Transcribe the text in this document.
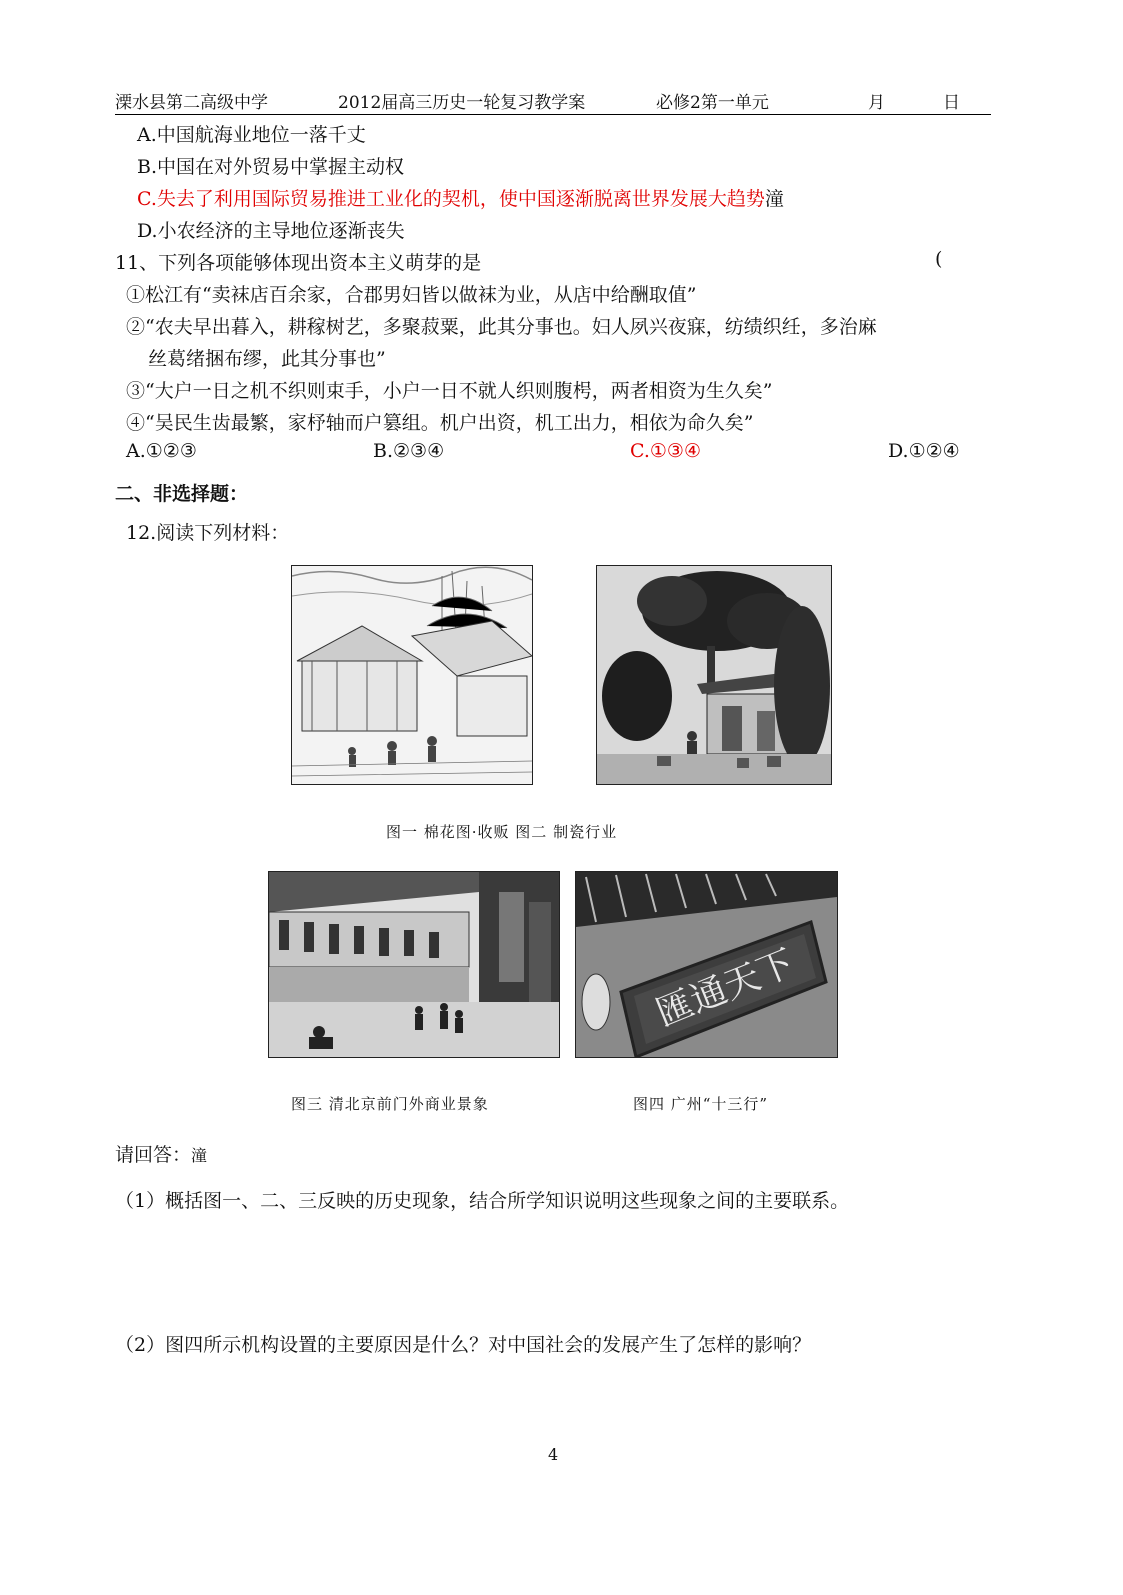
溧水县第二高级中学	2012届高三历史一轮复习教学案	必修2第一单元	月	日
A.中国航海业地位一落千丈
B.中国在对外贸易中掌握主动权
C.失去了利用国际贸易推进工业化的契机，使中国逐渐脱离世界发展大趋势潼
D.小农经济的主导地位逐渐丧失
11、下列各项能够体现出资本主义萌芽的是	(
①松江有“卖袜店百余家，合郡男妇皆以做袜为业，从店中给酬取值”
②“农夫早出暮入，耕稼树艺，多聚菽粟，此其分事也。妇人夙兴夜寐，纺绩织纴，多治麻
丝葛绪捆布缪，此其分事也”
③“大户一日之机不织则束手，小户一日不就人织则腹枵，两者相资为生久矣”
④“吴民生齿最繁，家杼轴而户篡组。机户出资，机工出力，相依为命久矣”
A.①②③	B.②③④	C.①③④	D.①②④
二、非选择题：
12.阅读下列材料：
图一 棉花图·收贩 图二 制瓷行业
匯通天下
图三 清北京前门外商业景象	图四 广州“十三行”
请回答：潼
（1）概括图一、二、三反映的历史现象，结合所学知识说明这些现象之间的主要联系。
（2）图四所示机构设置的主要原因是什么？对中国社会的发展产生了怎样的影响？
4
